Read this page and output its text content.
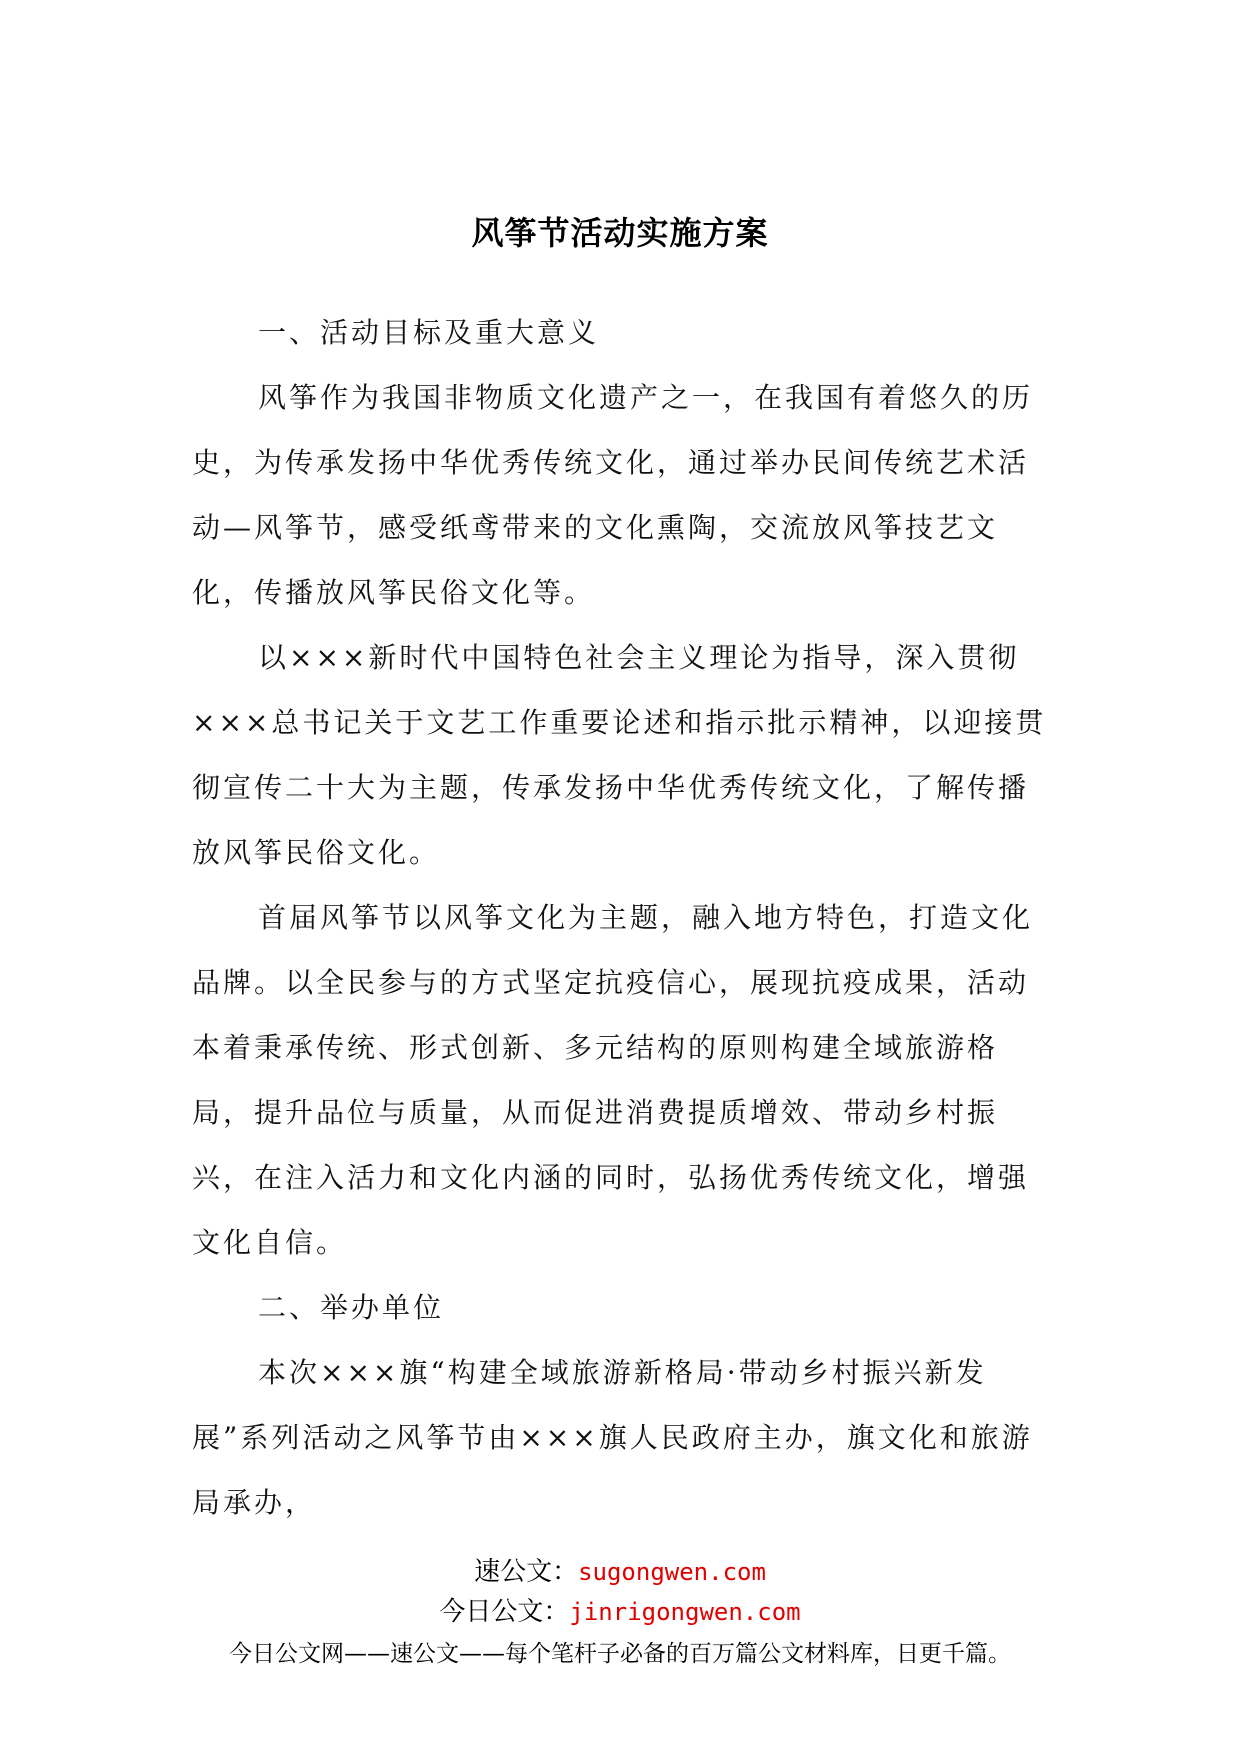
风筝节活动实施方案

一、活动目标及重大意义

风筝作为我国非物质文化遗产之一，在我国有着悠久的历史，为传承发扬中华优秀传统文化，通过举办民间传统艺术活动—风筝节，感受纸鸢带来的文化熏陶，交流放风筝技艺文化，传播放风筝民俗文化等。

以×××新时代中国特色社会主义理论为指导，深入贯彻×××总书记关于文艺工作重要论述和指示批示精神，以迎接贯彻宣传二十大为主题，传承发扬中华优秀传统文化，了解传播放风筝民俗文化。

首届风筝节以风筝文化为主题，融入地方特色，打造文化品牌。以全民参与的方式坚定抗疫信心，展现抗疫成果，活动本着秉承传统、形式创新、多元结构的原则构建全域旅游格局，提升品位与质量，从而促进消费提质增效、带动乡村振兴，在注入活力和文化内涵的同时，弘扬优秀传统文化，增强文化自信。

二、举办单位

本次×××旗“构建全域旅游新格局·带动乡村振兴新发展”系列活动之风筝节由×××旗人民政府主办，旗文化和旅游局承办，

速公文：sugongwen.com
今日公文：jinrigongwen.com
今日公文网——速公文——每个笔杆子必备的百万篇公文材料库，日更千篇。
